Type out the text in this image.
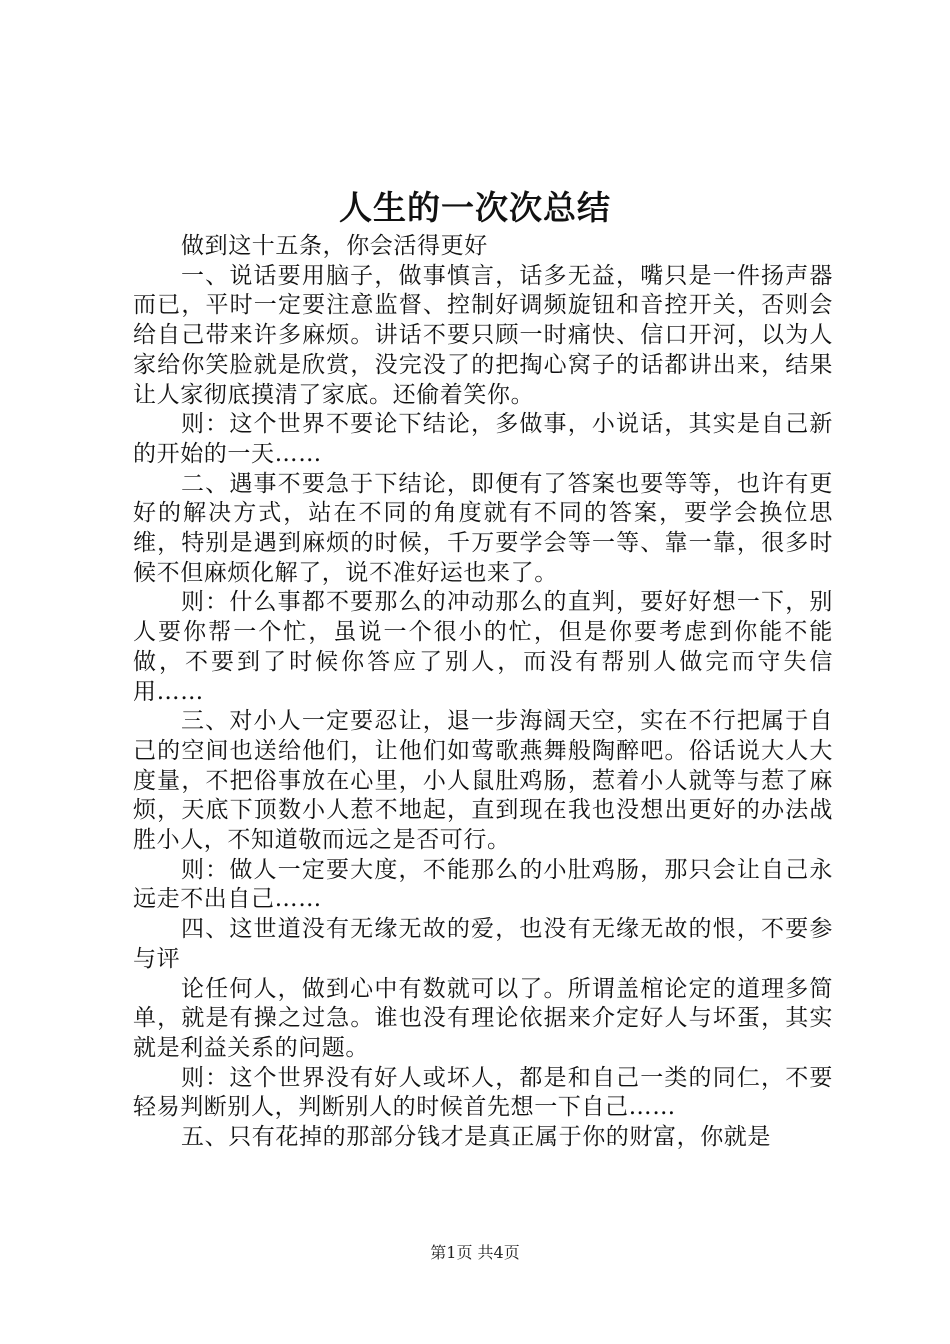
人生的一次次总结

做到这十五条，你会活得更好

一、说话要用脑子，做事慎言，话多无益，嘴只是一件扬声器而已，平时一定要注意监督、控制好调频旋钮和音控开关，否则会给自己带来许多麻烦。讲话不要只顾一时痛快、信口开河，以为人家给你笑脸就是欣赏，没完没了的把掏心窝子的话都讲出来，结果让人家彻底摸清了家底。还偷着笑你。

则：这个世界不要论下结论，多做事，小说话，其实是自己新的开始的一天……

二、遇事不要急于下结论，即便有了答案也要等等，也许有更好的解决方式，站在不同的角度就有不同的答案，要学会换位思维，特别是遇到麻烦的时候，千万要学会等一等、靠一靠，很多时候不但麻烦化解了，说不准好运也来了。

则：什么事都不要那么的冲动那么的直判，要好好想一下，别人要你帮一个忙，虽说一个很小的忙，但是你要考虑到你能不能做，不要到了时候你答应了别人，而没有帮别人做完而守失信用……

三、对小人一定要忍让，退一步海阔天空，实在不行把属于自己的空间也送给他们，让他们如莺歌燕舞般陶醉吧。俗话说大人大度量，不把俗事放在心里，小人鼠肚鸡肠，惹着小人就等与惹了麻烦，天底下顶数小人惹不地起，直到现在我也没想出更好的办法战胜小人，不知道敬而远之是否可行。

则：做人一定要大度，不能那么的小肚鸡肠，那只会让自己永远走不出自己……

四、这世道没有无缘无故的爱，也没有无缘无故的恨，不要参与评

论任何人，做到心中有数就可以了。所谓盖棺论定的道理多简单，就是有操之过急。谁也没有理论依据来介定好人与坏蛋，其实就是利益关系的问题。

则：这个世界没有好人或坏人，都是和自己一类的同仁，不要轻易判断别人，判断别人的时候首先想一下自己……

五、只有花掉的那部分钱才是真正属于你的财富，你就是

第1页 共4页
